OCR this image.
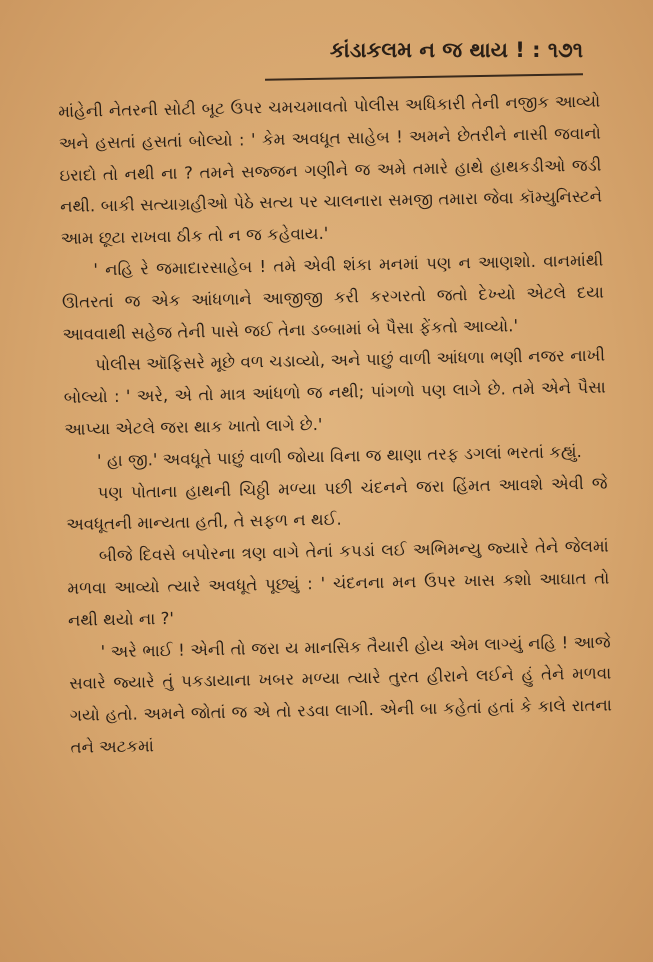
કાંડાકલમ ન જ થાય ! : ૧૭૧

માંહેની નેતરની સોટી બૂટ ઉપર ચમચમાવતો પોલીસ અધિકારી તેની નજીક આવ્યો અને હસતાં હસતાં બોલ્યો : ' કેમ અવધૂત સાહેબ ! અમને છેતરીને નાસી જવાનો ઇરાદો તો નથી ના ? તમને સજ્જન ગણીને જ અમે તમારે હાથે હાથકડીઓ જડી નથી. બાકી સત્યાગ્રહીઓ પેઠે સત્ય પર ચાલનારા સમજી તમારા જેવા કૉમ્યુનિસ્ટને આમ છૂટા રાખવા ઠીક તો ન જ કહેવાય.'

' નહિ રે જમાદારસાહેબ ! તમે એવી શંકા મનમાં પણ ન આણશો. વાનમાંથી ઊતરતાં જ એક આંધળાને આજીજી કરી કરગરતો જતો દેખ્યો એટલે દયા આવવાથી સહેજ તેની પાસે જઈ તેના ડબ્બામાં બે પૈસા ફેંકતો આવ્યો.'

પોલીસ ઑફિસરે મૂછે વળ ચડાવ્યો, અને પાછું વાળી આંધળા ભણી નજર નાખી બોલ્યો : ' અરે, એ તો માત્ર આંધળો જ નથી; પાંગળો પણ લાગે છે. તમે એને પૈસા આપ્યા એટલે જરા થાક ખાતો લાગે છે.'

' હા જી.' અવધૂતે પાછું વાળી જોયા વિના જ થાણા તરફ ડગલાં ભરતાં કહ્યું.

પણ પોતાના હાથની ચિઠ્ઠી મળ્યા પછી ચંદનને જરા હિંમત આવશે એવી જે અવધૂતની માન્યતા હતી, તે સફળ ન થઈ.

બીજે દિવસે બપોરના ત્રણ વાગે તેનાં કપડાં લઈ અભિમન્યુ જ્યારે તેને જેલમાં મળવા આવ્યો ત્યારે અવધૂતે પૂછ્યું : ' ચંદનના મન ઉપર ખાસ કશો આઘાત તો નથી થયો ના ?'

' અરે ભાઈ ! એની તો જરા ય માનસિક તૈયારી હોય એમ લાગ્યું નહિ ! આજે સવારે જ્યારે તું પકડાયાના ખબર મળ્યા ત્યારે તુરત હીરાને લઈને હું તેને મળવા ગયો હતો. અમને જોતાં જ એ તો રડવા લાગી. એની બા કહેતાં હતાં કે કાલે રાતના તને અટકમાં
